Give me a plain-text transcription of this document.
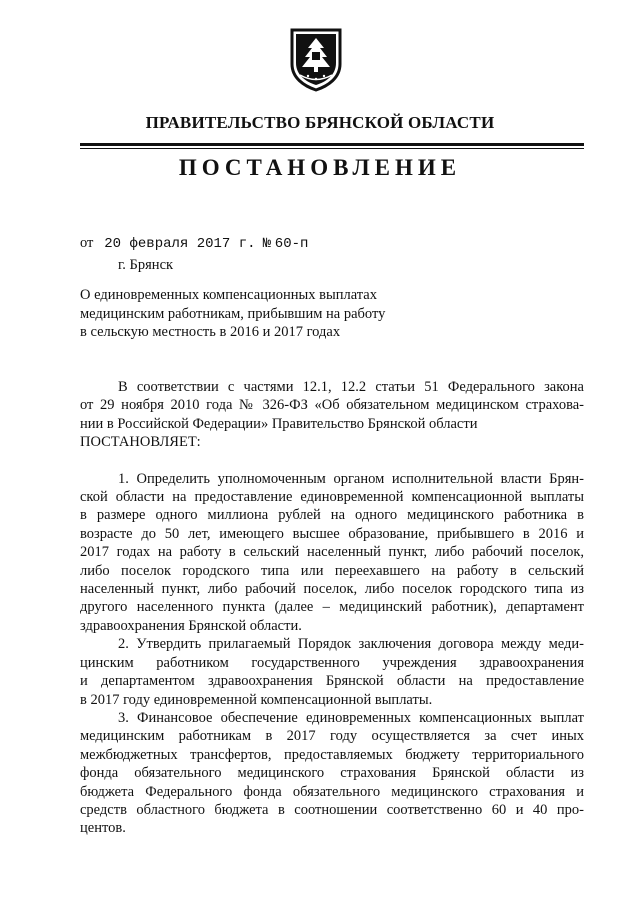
ПРАВИТЕЛЬСТВО БРЯНСКОЙ ОБЛАСТИ
ПОСТАНОВЛЕНИЕ
от 20 февраля 2017 г. № 60-п
г. Брянск
О единовременных компенсационных выплатах
медицинским работникам, прибывшим на работу
в сельскую местность в 2016 и 2017 годах
В соответствии с частями 12.1, 12.2 статьи 51 Федерального закона
от 29 ноября 2010 года № 326-ФЗ «Об обязательном медицинском страхова-
нии в Российской Федерации» Правительство Брянской области
ПОСТАНОВЛЯЕТ:
1. Определить уполномоченным органом исполнительной власти Брян-
ской области на предоставление единовременной компенсационной выплаты
в размере одного миллиона рублей на одного медицинского работника в
возрасте до 50 лет, имеющего высшее образование, прибывшего в 2016 и
2017 годах на работу в сельский населенный пункт, либо рабочий поселок,
либо поселок городского типа или переехавшего на работу в сельский
населенный пункт, либо рабочий поселок, либо поселок городского типа из
другого населенного пункта (далее – медицинский работник), департамент
здравоохранения Брянской области.
2. Утвердить прилагаемый Порядок заключения договора между меди-
цинским работником государственного учреждения здравоохранения
и департаментом здравоохранения Брянской области на предоставление
в 2017 году единовременной компенсационной выплаты.
3. Финансовое обеспечение единовременных компенсационных выплат
медицинским работникам в 2017 году осуществляется за счет иных
межбюджетных трансфертов, предоставляемых бюджету территориального
фонда обязательного медицинского страхования Брянской области из
бюджета Федерального фонда обязательного медицинского страхования и
средств областного бюджета в соотношении соответственно 60 и 40 про-
центов.
